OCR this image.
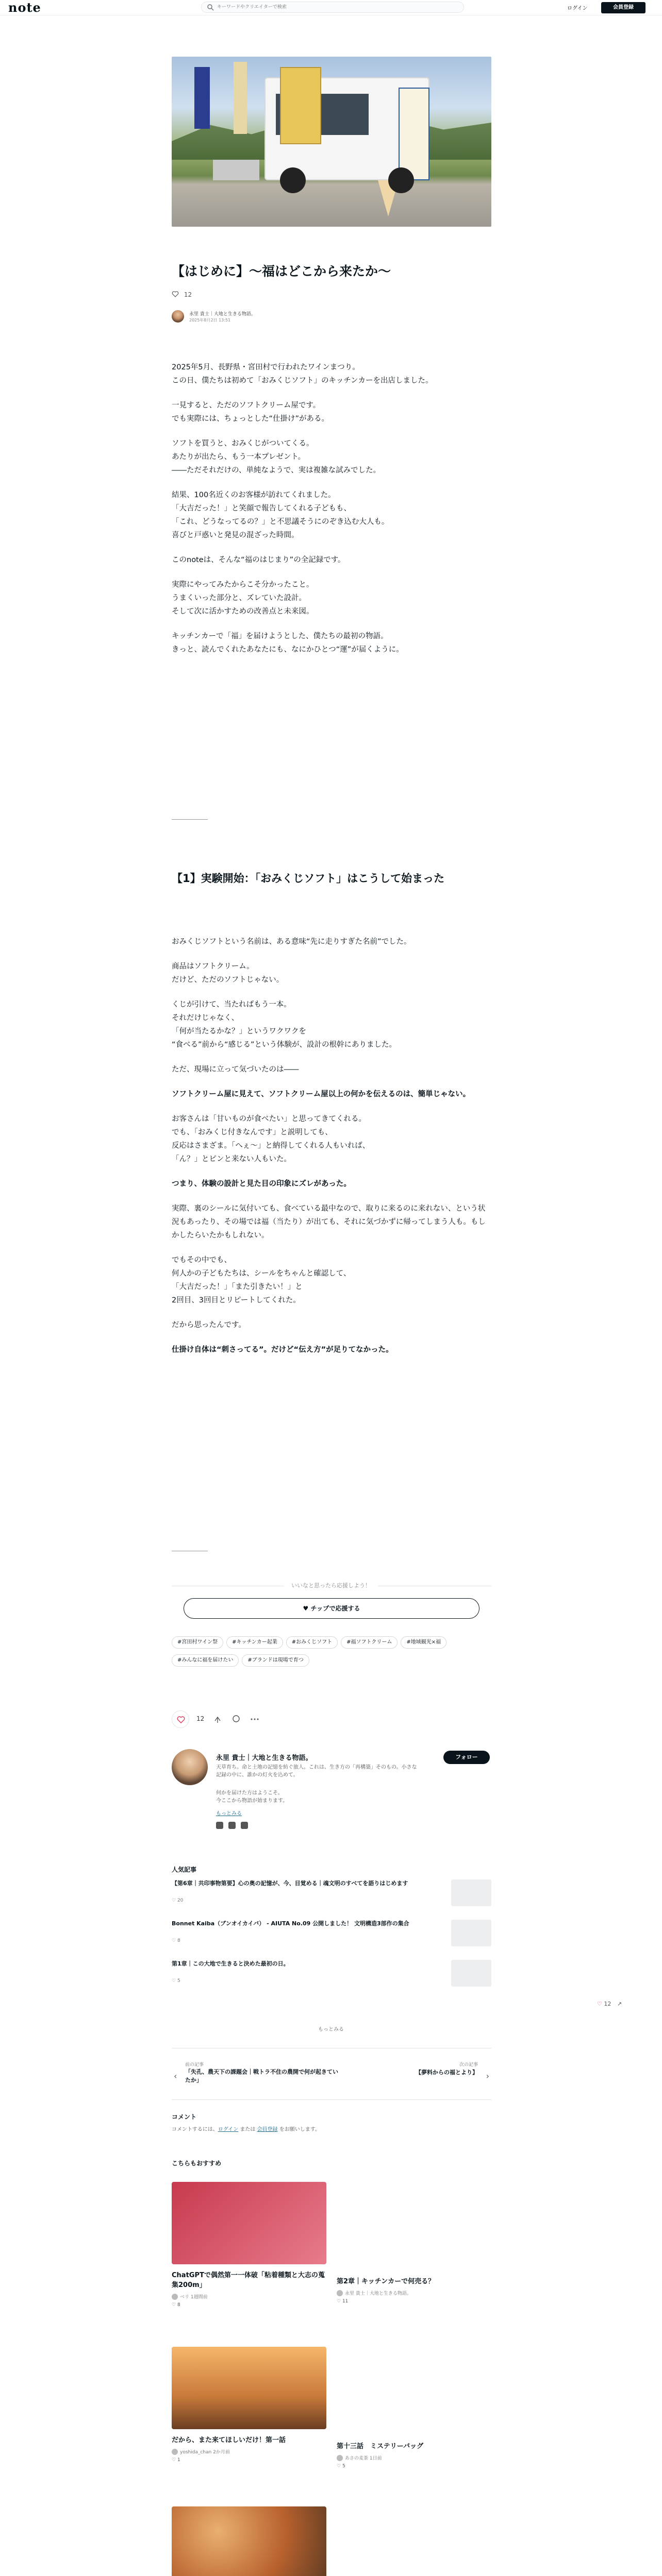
note
キーワードやクリエイターで検索	ログイン	会員登録
【はじめに】〜福はどこから来たか〜
12
永里 貴士｜大地と生きる物語。
2025年8月2日 13:51

2025年5月、長野県・宮田村で行われたワインまつり。
この日、僕たちは初めて「おみくじソフト」のキッチンカーを出店しました。

一見すると、ただのソフトクリーム屋です。
でも実際には、ちょっとした“仕掛け”がある。

ソフトを買うと、おみくじがついてくる。
あたりが出たら、もう一本プレゼント。
――ただそれだけの、単純なようで、実は複雑な試みでした。

結果、100名近くのお客様が訪れてくれました。
「大吉だった！」と笑顔で報告してくれる子どもも、
「これ、どうなってるの？」と不思議そうにのぞき込む大人も。
喜びと戸惑いと発見の混ざった時間。

このnoteは、そんな“福のはじまり”の全記録です。

実際にやってみたからこそ分かったこと。
うまくいった部分と、ズレていた設計。
そして次に活かすための改善点と未来図。

キッチンカーで「福」を届けようとした、僕たちの最初の物語。
きっと、読んでくれたあなたにも、なにかひとつ“運”が届くように。

【1】実験開始：「おみくじソフト」はこうして始まった

おみくじソフトという名前は、ある意味“先に走りすぎた名前”でした。

商品はソフトクリーム。
だけど、ただのソフトじゃない。

くじが引けて、当たればもう一本。
それだけじゃなく、
「何が当たるかな？」というワクワクを
“食べる”前から“感じる”という体験が、設計の根幹にありました。

ただ、現場に立って気づいたのは――

ソフトクリーム屋に見えて、ソフトクリーム屋以上の何かを伝えるのは、簡単じゃない。

お客さんは「甘いものが食べたい」と思ってきてくれる。
でも、「おみくじ付きなんです」と説明しても、
反応はさまざま。「へぇ〜」と納得してくれる人もいれば、
「ん？」とピンと来ない人もいた。

つまり、体験の設計と見た目の印象にズレがあった。

実際、裏のシールに気付いても、食べている最中なので、取りに来るのに来れない、という状況もあったり、その場では福（当たり）が出ても、それに気づかずに帰ってしまう人も。もしかしたらいたかもしれない。

でもその中でも、
何人かの子どもたちは、シールをちゃんと確認して、
「大吉だった！」「また引きたい！」と
2回目、3回目とリピートしてくれた。

だから思ったんです。

仕掛け自体は“刺さってる”。だけど“伝え方”が足りてなかった。

いいなと思ったら応援しよう！
♥ チップで応援する
#宮田村ワイン祭	#キッチンカー起業	#おみくじソフト	#福ソフトクリーム	#地域観光×福#みんなに福を届けたい	#ブランドは現場で育つ
12
永里 貴士｜大地と生きる物語。
天草育ち。命と土地の記憶を紡ぐ旅人。これは、生き方の「再構築」そのもの。小さな記録の中に、誰かの灯火を込めて。
何かを届けた方はようこそ。
今ここから物語が始まります。
もっとみる
フォロー
人気記事
【第6章｜共印事物第要】心の奥の記憶が、今、目覚める｜魂文明のすべてを語りはじめます
♡ 20
Bonnet Kaiba（ブンオイカイバ） - AIUTA No.09 公開しました！ 文明構造3部作の集合
♡ 8
第1章｜この大地で生きると決めた最初の日。
♡ 5
もっとみる
‹
前の記事
「失孔、農天下の課題会｜戦トラ不住の農開で何が起きていたか」
次の記事
【夢料からの福とより】 ›
コメント
コメントするには、ログイン または 会員登録 をお願いします。
こちらもおすすめ
ChatGPTで偶然第一一体破「粘着種類と大志の蒐集200m」
ベリ 1週間前
♡ 8
第2章｜キッチンカーで何売る？
永里 貴士｜大地と生きる物語。
♡ 11
だから、また来てほしいだけ！第一話
yoshida_chan 2か月前
♡ 1
第十三話　ミステリーバッグ
あさの麦茶 1日前
♡ 5
♡ 12 ↗
